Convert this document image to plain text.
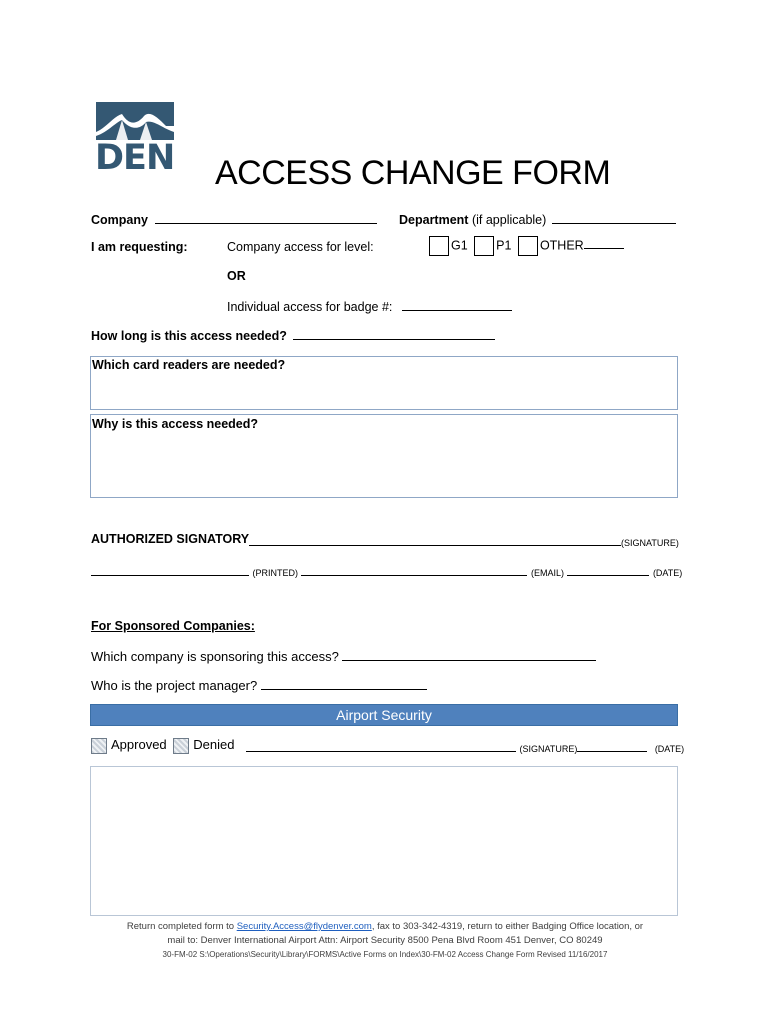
DEN ACCESS CHANGE FORM
Company	Department (if applicable)
I am requesting:	Company access for level:	G1 P1 OTHER
OR
Individual access for badge #:
How long is this access needed?
Which card readers are needed?
Why is this access needed?
AUTHORIZED SIGNATORY	(SIGNATURE)
(PRINTED)	(EMAIL)	(DATE)
For Sponsored Companies:
Which company is sponsoring this access?
Who is the project manager?
Airport Security
Approved Denied	(SIGNATURE)	(DATE)
Return completed form to Security.Access@flydenver.com, fax to 303-342-4319, return to either Badging Office location, or
mail to: Denver International Airport Attn: Airport Security 8500 Pena Blvd Room 451 Denver, CO 80249
30-FM-02 S:\Operations\Security\Library\FORMS\Active Forms on Index\30-FM-02 Access Change Form Revised 11/16/2017
